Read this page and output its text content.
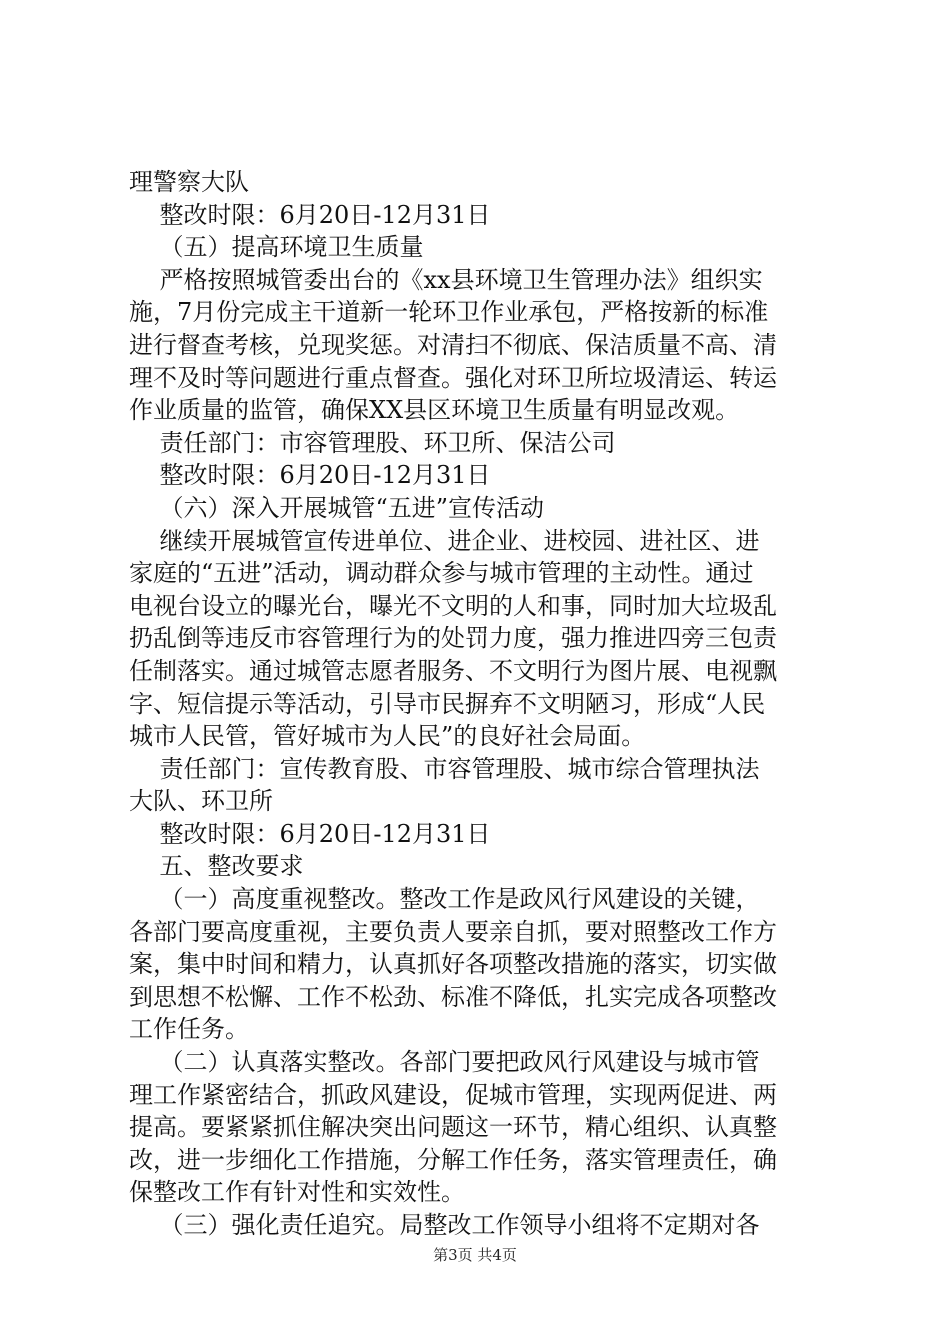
理警察大队
整改时限：6月20日-12月31日
（五）提高环境卫生质量
严格按照城管委出台的《xx县环境卫生管理办法》组织实
施，7月份完成主干道新一轮环卫作业承包，严格按新的标准
进行督查考核，兑现奖惩。对清扫不彻底、保洁质量不高、清
理不及时等问题进行重点督查。强化对环卫所垃圾清运、转运
作业质量的监管，确保XX县区环境卫生质量有明显改观。
责任部门：市容管理股、环卫所、保洁公司
整改时限：6月20日-12月31日
（六）深入开展城管“五进”宣传活动
继续开展城管宣传进单位、进企业、进校园、进社区、进
家庭的“五进”活动，调动群众参与城市管理的主动性。通过
电视台设立的曝光台，曝光不文明的人和事，同时加大垃圾乱
扔乱倒等违反市容管理行为的处罚力度，强力推进四旁三包责
任制落实。通过城管志愿者服务、不文明行为图片展、电视飘
字、短信提示等活动，引导市民摒弃不文明陋习，形成“人民
城市人民管，管好城市为人民”的良好社会局面。
责任部门：宣传教育股、市容管理股、城市综合管理执法
大队、环卫所
整改时限：6月20日-12月31日
五、整改要求
（一）高度重视整改。整改工作是政风行风建设的关键，
各部门要高度重视，主要负责人要亲自抓，要对照整改工作方
案，集中时间和精力，认真抓好各项整改措施的落实，切实做
到思想不松懈、工作不松劲、标准不降低，扎实完成各项整改
工作任务。
（二）认真落实整改。各部门要把政风行风建设与城市管
理工作紧密结合，抓政风建设，促城市管理，实现两促进、两
提高。要紧紧抓住解决突出问题这一环节，精心组织、认真整
改，进一步细化工作措施，分解工作任务，落实管理责任，确
保整改工作有针对性和实效性。
（三）强化责任追究。局整改工作领导小组将不定期对各
第3页 共4页
